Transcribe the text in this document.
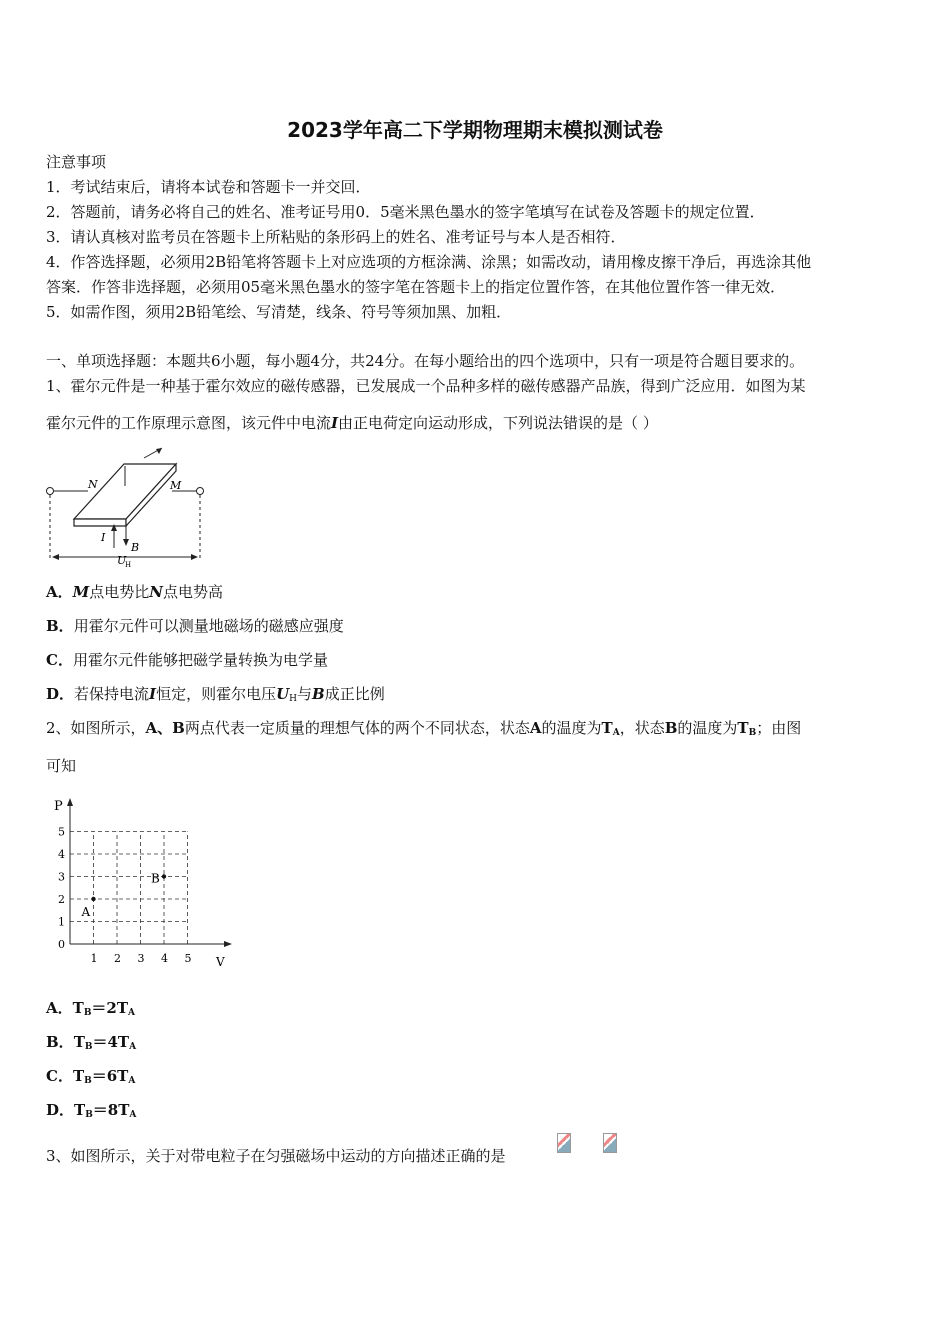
2023学年高二下学期物理期末模拟测试卷
注意事项
1．考试结束后，请将本试卷和答题卡一并交回．
2．答题前，请务必将自己的姓名、准考证号用0．5毫米黑色墨水的签字笔填写在试卷及答题卡的规定位置．
3．请认真核对监考员在答题卡上所粘贴的条形码上的姓名、准考证号与本人是否相符．
4．作答选择题，必须用2B铅笔将答题卡上对应选项的方框涂满、涂黑；如需改动，请用橡皮擦干净后，再选涂其他
答案．作答非选择题，必须用05毫米黑色墨水的签字笔在答题卡上的指定位置作答，在其他位置作答一律无效．
5．如需作图，须用2B铅笔绘、写清楚，线条、符号等须加黑、加粗．
一、单项选择题：本题共6小题，每小题4分，共24分。在每小题给出的四个选项中，只有一项是符合题目要求的。
1、霍尔元件是一种基于霍尔效应的磁传感器，已发展成一个品种多样的磁传感器产品族，得到广泛应用．如图为某
霍尔元件的工作原理示意图，该元件中电流I由正电荷定向运动形成，下列说法错误的是（ ）
N	M
I
B
U
H
A．M点电势比N点电势高
B．用霍尔元件可以测量地磁场的磁感应强度
C．用霍尔元件能够把磁学量转换为电学量
D．若保持电流I恒定，则霍尔电压$U_H$与B成正比例
2、如图所示，A、B两点代表一定质量的理想气体的两个不同状态，状态A的温度为$T_A$，状态B的温度为$T_B$；由图
可知
P
V
0
1
2
3
4
5
1 2 3 4 5
A
B
A．$T_B=2T_A$
B．$T_B=4T_A$
C．$T_B=6T_A$
D．$T_B=8T_A$
3、如图所示，关于对带电粒子在匀强磁场中运动的方向描述正确的是
